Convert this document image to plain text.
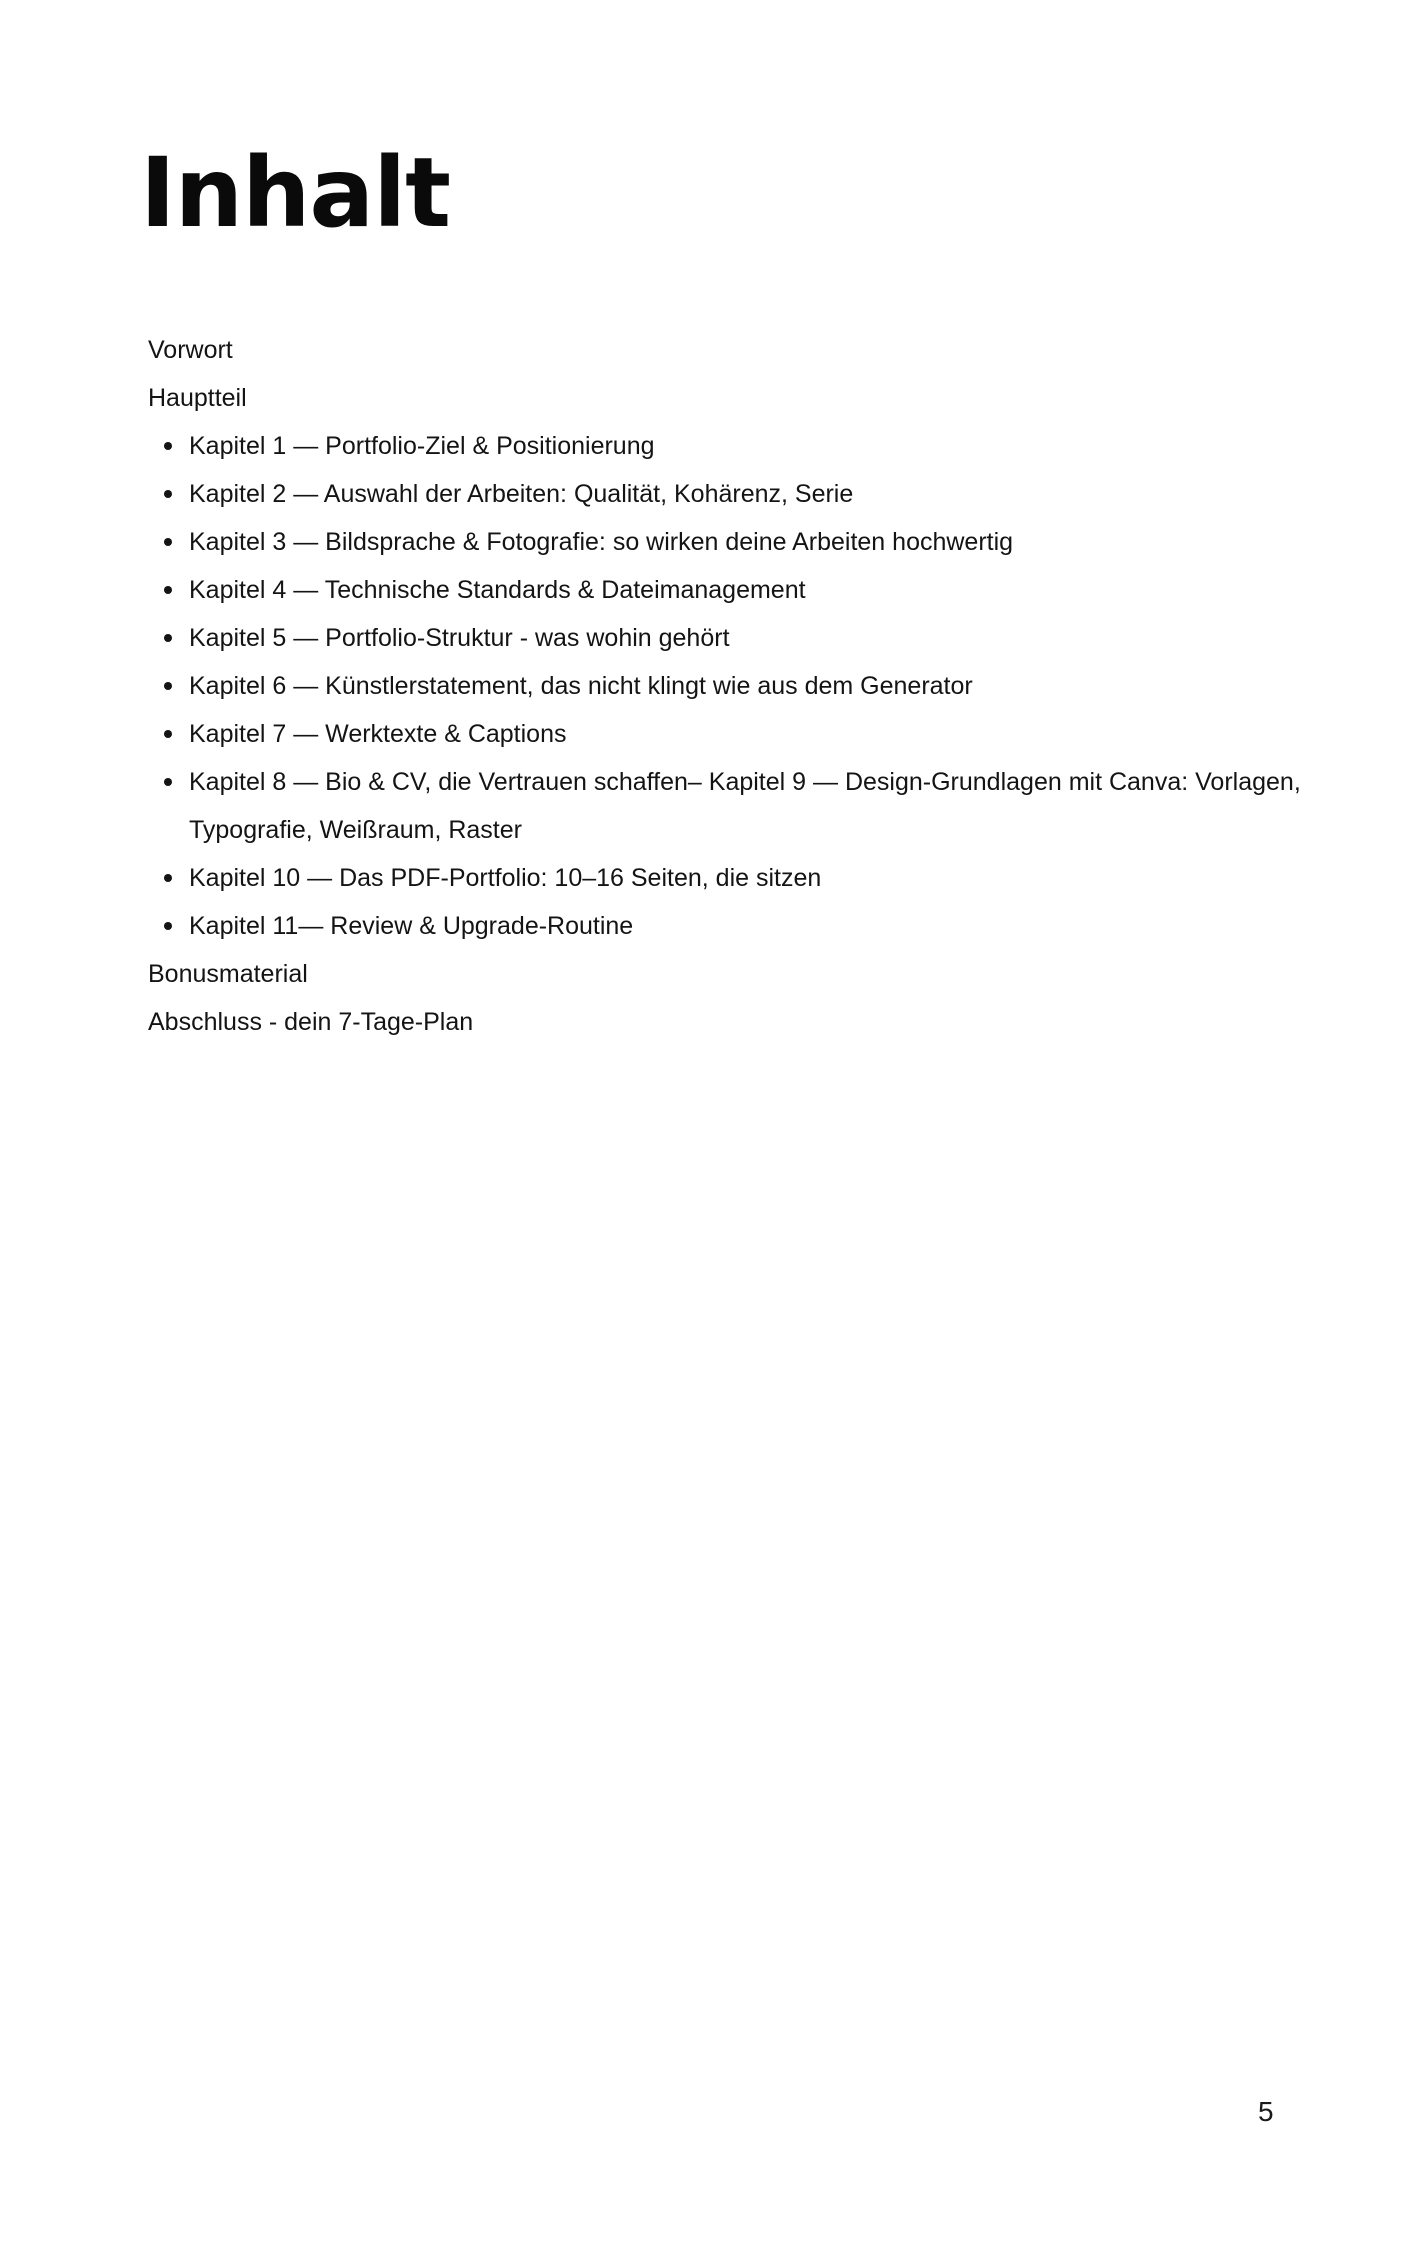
Inhalt
Vorwort
Hauptteil
Kapitel 1 — Portfolio-Ziel & Positionierung
Kapitel 2 — Auswahl der Arbeiten: Qualität, Kohärenz, Serie
Kapitel 3 — Bildsprache & Fotografie: so wirken deine Arbeiten hochwertig
Kapitel 4 — Technische Standards & Dateimanagement
Kapitel 5 — Portfolio-Struktur - was wohin gehört
Kapitel 6 — Künstlerstatement, das nicht klingt wie aus dem Generator
Kapitel 7 — Werktexte & Captions
Kapitel 8 — Bio & CV, die Vertrauen schaffen– Kapitel 9 — Design-Grundlagen mit Canva: Vorlagen, Typografie, Weißraum, Raster
Kapitel 10 — Das PDF-Portfolio: 10–16 Seiten, die sitzen
Kapitel 11— Review & Upgrade-Routine
Bonusmaterial
Abschluss - dein 7-Tage-Plan
5
